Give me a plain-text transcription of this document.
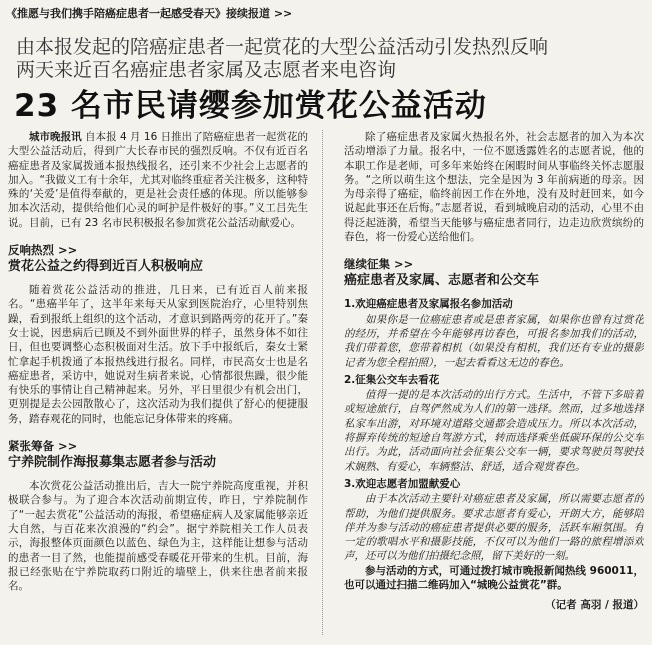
《推愿与我们携手陪癌症患者一起感受春天》接续报道 >>
由本报发起的陪癌症患者一起赏花的大型公益活动引发热烈反响
两天来近百名癌症患者家属及志愿者来电咨询
23 名市民请缨参加赏花公益活动

城市晚报讯 自本报 4 月 16 日推出了陪癌症患者一起赏花的大型公益活动后，得到广大长春市民的强烈反响。不仅有近百名癌症患者及家属拨通本报热线报名，还引来不少社会上志愿者的加入。“我做义工有十余年，尤其对临终重症者关注极多，这种特殊的‘关爱’是值得奉献的，更是社会责任感的体现。所以能够参加本次活动，提供给他们心灵的呵护是件极好的事。”义工吕先生说。目前，已有 23 名市民积极报名参加赏花公益活动献爱心。

反响热烈 >>
赏花公益之约得到近百人积极响应

随着赏花公益活动的推进，几日来，已有近百人前来报名。“患癌半年了，这半年来每天从家到医院治疗，心里特别焦躁，看到报纸上组织的这个活动，才意识到路两旁的花开了。”秦女士说，因患病后已顾及不到外面世界的样子，虽然身体不如往日，但也要调整心态积极面对生活。放下手中报纸后，秦女士紧忙拿起手机拨通了本报热线进行报名。同样，市民高女士也是名癌症患者，采访中，她说对生病者来说，心情都很焦躁，很少能有快乐的事情让自己精神起来。另外，平日里很少有机会出门，更别提是去公园散散心了，这次活动为我们提供了舒心的便捷服务，踏春观花的同时，也能忘记身体带来的疼痛。

紧张筹备 >>
宁养院制作海报募集志愿者参与活动

本次赏花公益活动推出后，吉大一院宁养院高度重视，并积极联合参与。为了迎合本次活动前期宣传，昨日，宁养院制作了“一起去赏花”公益活动的海报，希望癌症病人及家属能够亲近大自然，与百花来次浪漫的“约会”。据宁养院相关工作人员表示，海报整体页面颜色以蓝色、绿色为主，这样能让想参与活动的患者一目了然，也能提前感受春暖花开带来的生机。目前，海报已经张贴在宁养院取药口附近的墙壁上，供来往患者前来报名。

除了癌症患者及家属火热报名外，社会志愿者的加入为本次活动增添了力量。报名中，一位不愿透露姓名的志愿者说，他的本职工作是老师，可多年来始终在闲暇时间从事临终关怀志愿服务。“之所以萌生这个想法，完全是因为 3 年前病逝的母亲。因为母亲得了癌症，临终前因工作在外地，没有及时赶回来，如今说起此事还在后悔。”志愿者说，看到城晚启动的活动，心里不由得泛起涟漪，希望当天能够与癌症患者同行，边走边欣赏缤纷的春色，将一份爱心送给他们。

继续征集 >>
癌症患者及家属、志愿者和公交车
1.欢迎癌症患者及家属报名参加活动

如果你是一位癌症患者或是患者家属，如果你也曾有过赏花的经历，并希望在今年能够再访春色，可报名参加我们的活动，我们带着您，您带着相机（如果没有相机，我们还有专业的摄影记者为您全程拍照），一起去看看这无边的春色。

2.征集公交车去看花

值得一提的是本次活动的出行方式。生活中，不管下多暗着或短途旅行，自驾俨然成为人们的第一选择。然而，过多地选择私家车出游，对环境对道路交通都会造成压力。所以本次活动，将摒弃传统的短途自驾游方式，转而选择乘坐低碳环保的公交车出行。为此，活动面向社会征集公交车一辆，要求驾驶员驾驶技术娴熟、有爱心，车辆整洁、舒适，适合观赏春色。

3.欢迎志愿者加盟献爱心

由于本次活动主要针对癌症患者及家属，所以需要志愿者的帮助，为他们提供服务。要求志愿者有爱心，开朗大方，能够陪伴并为参与活动的癌症患者提供必要的服务，活跃车厢氛围。有一定的歌唱水平和摄影技能，不仅可以为他们一路的旅程增添欢声，还可以为他们拍摄纪念照，留下美好的一刻。

参与活动的方式，可通过拨打城市晚报新闻热线 960011，也可以通过扫描二维码加入“城晚公益赏花”群。

（记者 高羽 / 报道）
